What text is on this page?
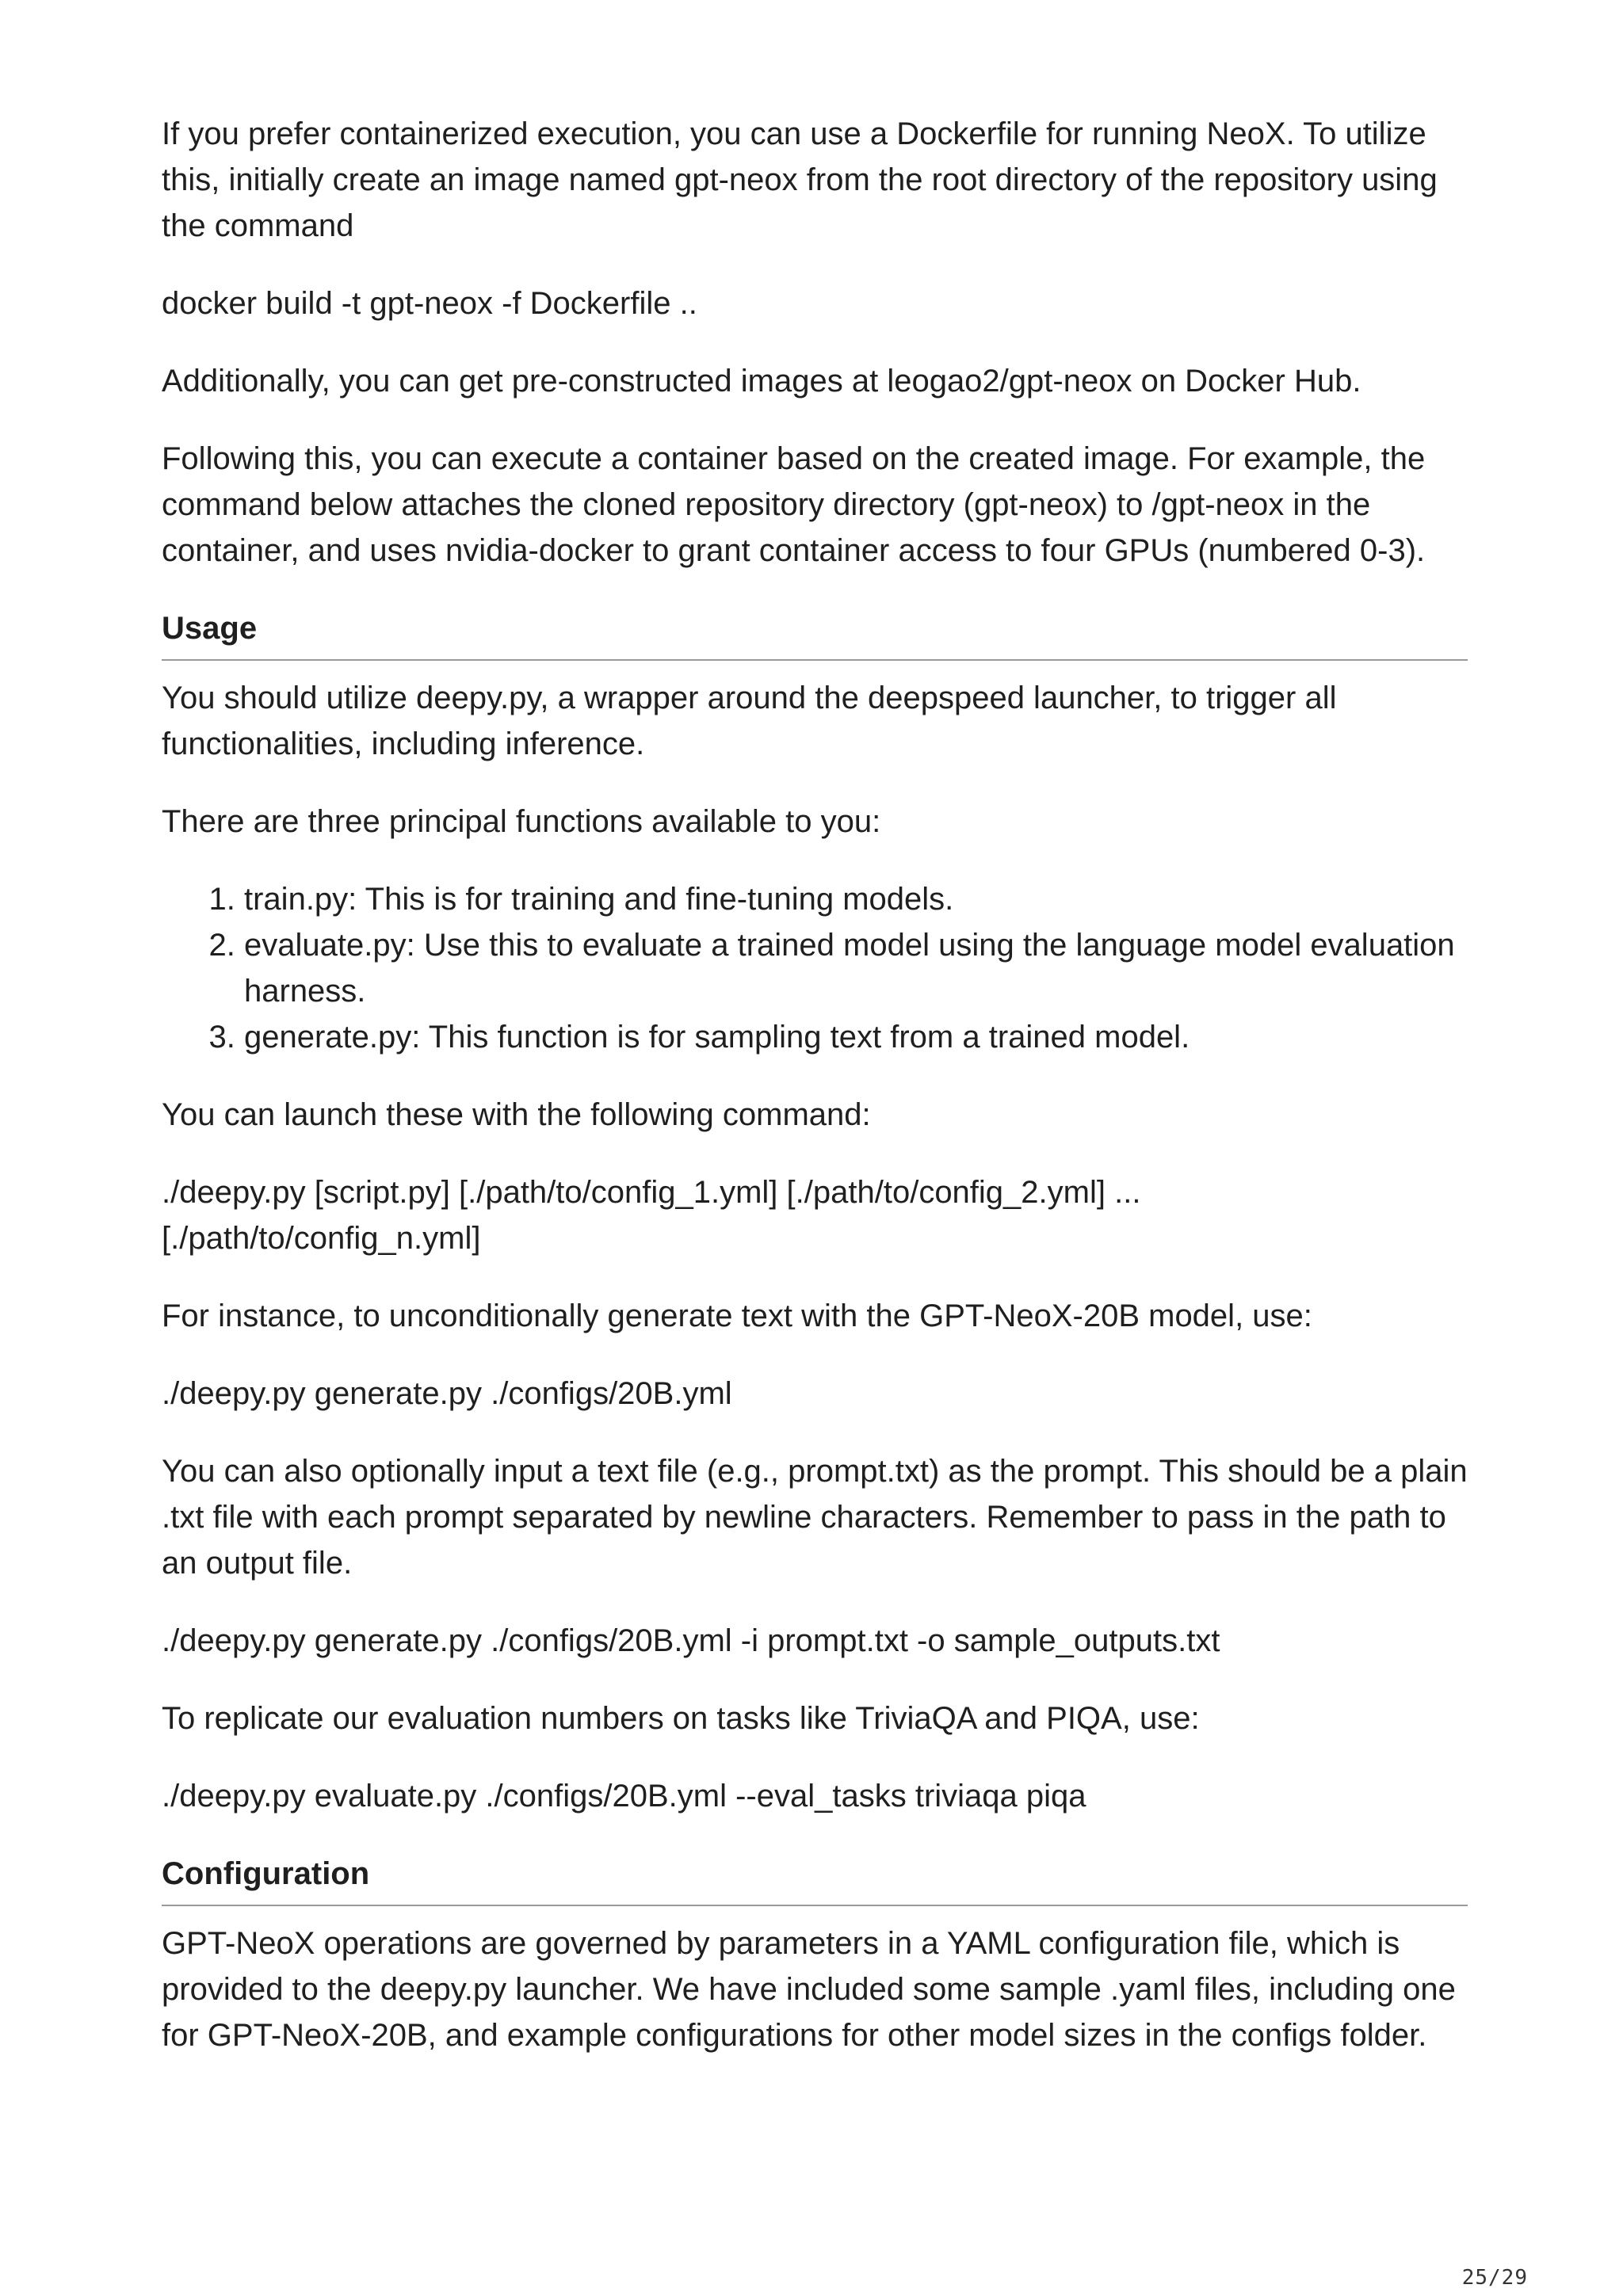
If you prefer containerized execution, you can use a Dockerfile for running NeoX. To utilize this, initially create an image named gpt-neox from the root directory of the repository using the command

docker build -t gpt-neox -f Dockerfile ..

Additionally, you can get pre-constructed images at leogao2/gpt-neox on Docker Hub.

Following this, you can execute a container based on the created image. For example, the command below attaches the cloned repository directory (gpt-neox) to /gpt-neox in the container, and uses nvidia-docker to grant container access to four GPUs (numbered 0-3).

Usage

You should utilize deepy.py, a wrapper around the deepspeed launcher, to trigger all functionalities, including inference.

There are three principal functions available to you:

1. train.py: This is for training and fine-tuning models.
2. evaluate.py: Use this to evaluate a trained model using the language model evaluation harness.
3. generate.py: This function is for sampling text from a trained model.

You can launch these with the following command:

./deepy.py [script.py] [./path/to/config_1.yml] [./path/to/config_2.yml] ... [./path/to/config_n.yml]

For instance, to unconditionally generate text with the GPT-NeoX-20B model, use:

./deepy.py generate.py ./configs/20B.yml

You can also optionally input a text file (e.g., prompt.txt) as the prompt. This should be a plain .txt file with each prompt separated by newline characters. Remember to pass in the path to an output file.

./deepy.py generate.py ./configs/20B.yml -i prompt.txt -o sample_outputs.txt

To replicate our evaluation numbers on tasks like TriviaQA and PIQA, use:

./deepy.py evaluate.py ./configs/20B.yml --eval_tasks triviaqa piqa

Configuration

GPT-NeoX operations are governed by parameters in a YAML configuration file, which is provided to the deepy.py launcher. We have included some sample .yaml files, including one for GPT-NeoX-20B, and example configurations for other model sizes in the configs folder.

25/29
